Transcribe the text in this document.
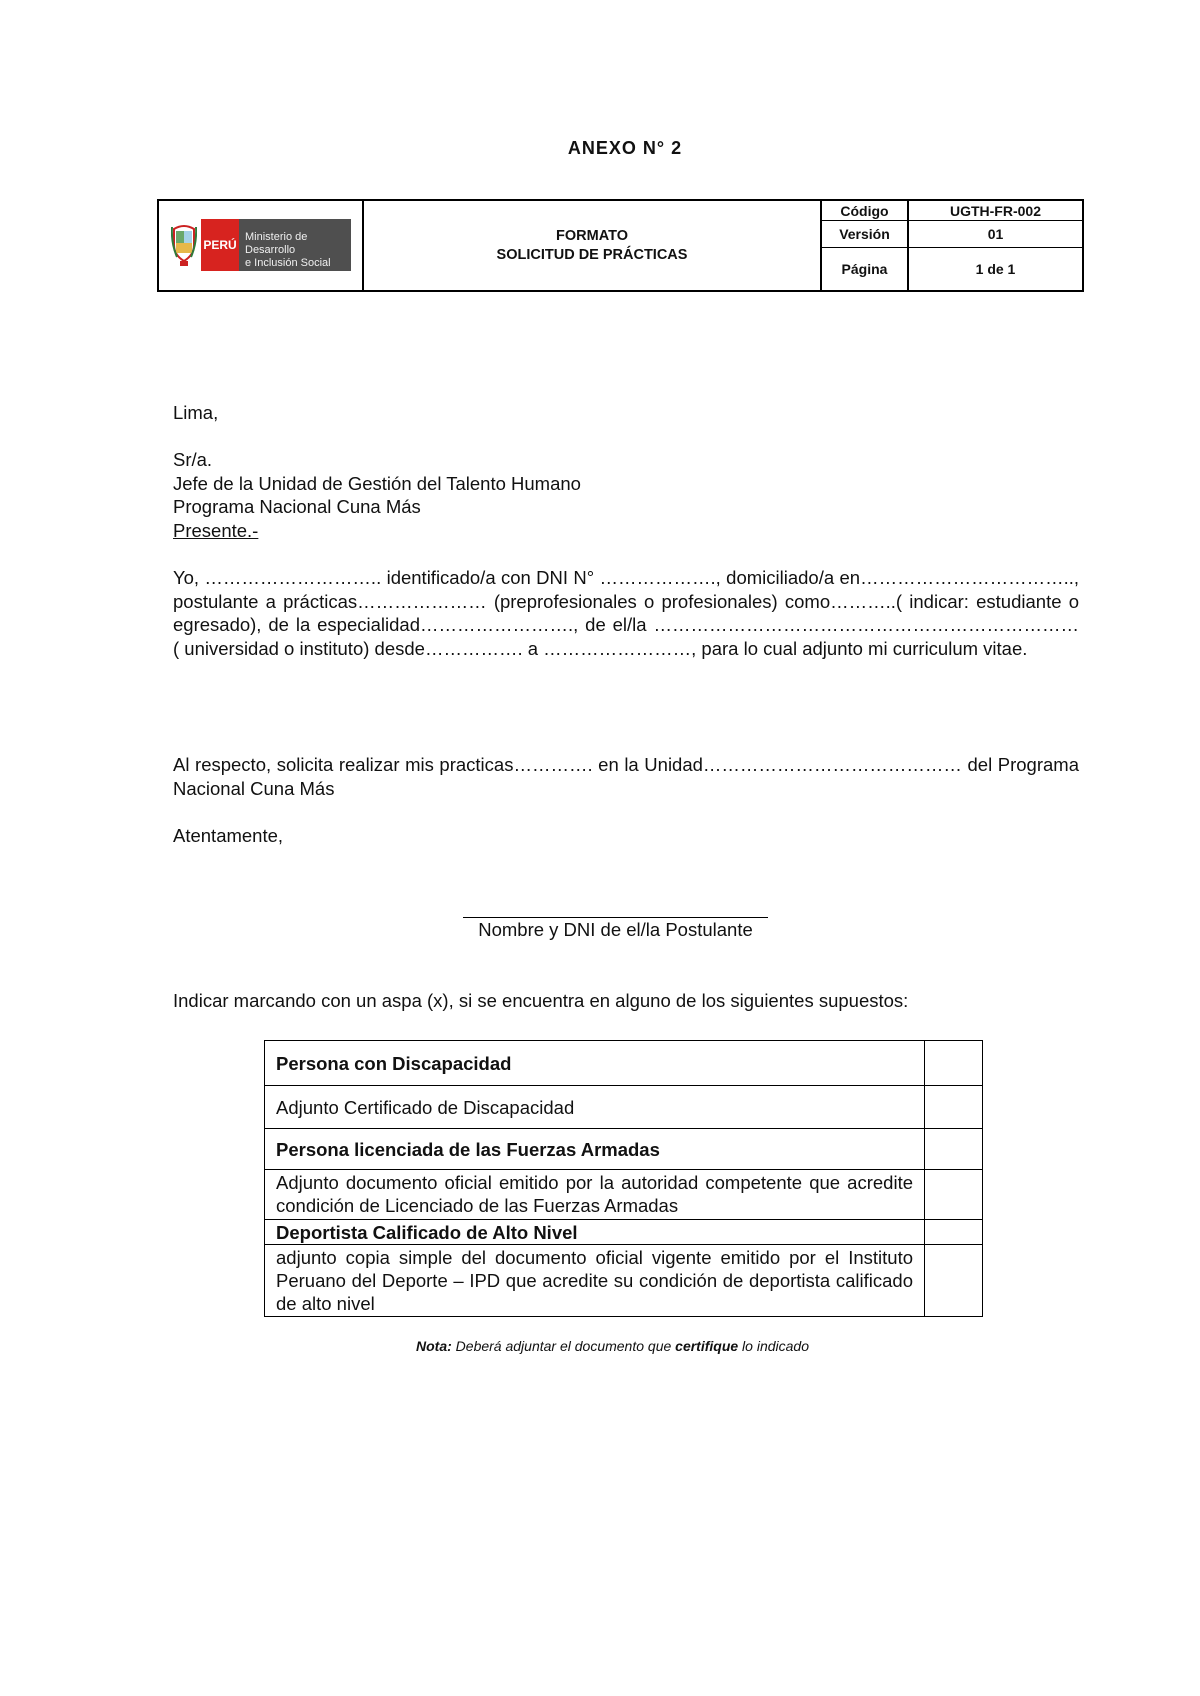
ANEXO N° 2
PERÚ
Ministerio de Desarrollo
e Inclusión Social
FORMATO
SOLICITUD DE PRÁCTICAS
Código	UGTH-FR-002
Versión	01
Página	1 de 1

Lima,

Sr/a.

Jefe de la Unidad de Gestión del Talento Humano

Programa Nacional Cuna Más

Presente.-

Yo, ……………………….. identificado/a con DNI N° ………………., domiciliado/a en…………………………….., postulante a prácticas………………… (preprofesionales o profesionales) como………..( indicar: estudiante o egresado), de la especialidad……………………., de el/la …………………………………………………………… ( universidad o instituto) desde……………. a ……………………, para lo cual adjunto mi curriculum vitae.
Al respecto, solicita realizar mis practicas…………. en la Unidad…………………………………… del Programa Nacional Cuna Más
Atentamente,
Nombre y DNI de el/la Postulante
Indicar marcando con un aspa (x), si se encuentra en alguno de los siguientes supuestos:
Persona con Discapacidad
Adjunto Certificado de Discapacidad
Persona licenciada de las Fuerzas Armadas
Adjunto documento oficial emitido por la autoridad competente que acredite condición de Licenciado de las Fuerzas Armadas
Deportista Calificado de Alto Nivel
adjunto copia simple del documento oficial vigente emitido por el Instituto Peruano del Deporte – IPD que acredite su condición de deportista calificado de alto nivel
Nota: Deberá adjuntar el documento que certifique lo indicado
